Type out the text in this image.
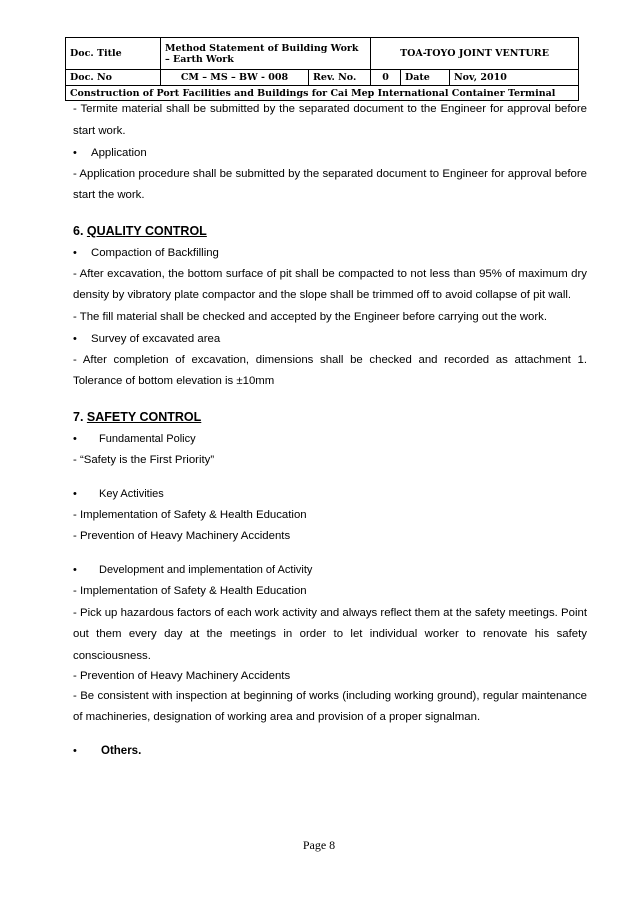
Doc. Title	Method Statement of Building Work – Earth Work		TOA-TOYO JOINT VENTURE		
Doc. No	CM – MS – BW - 008	Rev. No.	0	Date	Nov, 2010
Construction of Port Facilities and Buildings for Cai Mep International Container Terminal					

- Termite material shall be submitted by the separated document to the Engineer for approval before start work.

•	Application

- Application procedure shall be submitted by the separated document to Engineer for approval before start the work.

6. QUALITY CONTROL

•	Compaction of Backfilling

- After excavation, the bottom surface of pit shall be compacted to not less than 95% of maximum dry density by vibratory plate compactor and the slope shall be trimmed off to avoid collapse of pit wall.

- The fill material shall be checked and accepted by the Engineer before carrying out the work.

•	Survey of excavated area

- After completion of excavation, dimensions shall be checked and recorded as attachment 1. Tolerance of bottom elevation is ±10mm

7. SAFETY CONTROL

•	Fundamental Policy

- “Safety is the First Priority”

•	Key Activities

- Implementation of Safety & Health Education

- Prevention of Heavy Machinery Accidents

•	Development and implementation of Activity

- Implementation of Safety & Health Education

- Pick up hazardous factors of each work activity and always reflect them at the safety meetings. Point out them every day at the meetings in order to let individual worker to renovate his safety consciousness.

- Prevention of Heavy Machinery Accidents

- Be consistent with inspection at beginning of works (including working ground), regular maintenance of machineries, designation of working area and provision of a proper signalman.

•	Others.
Page 8
